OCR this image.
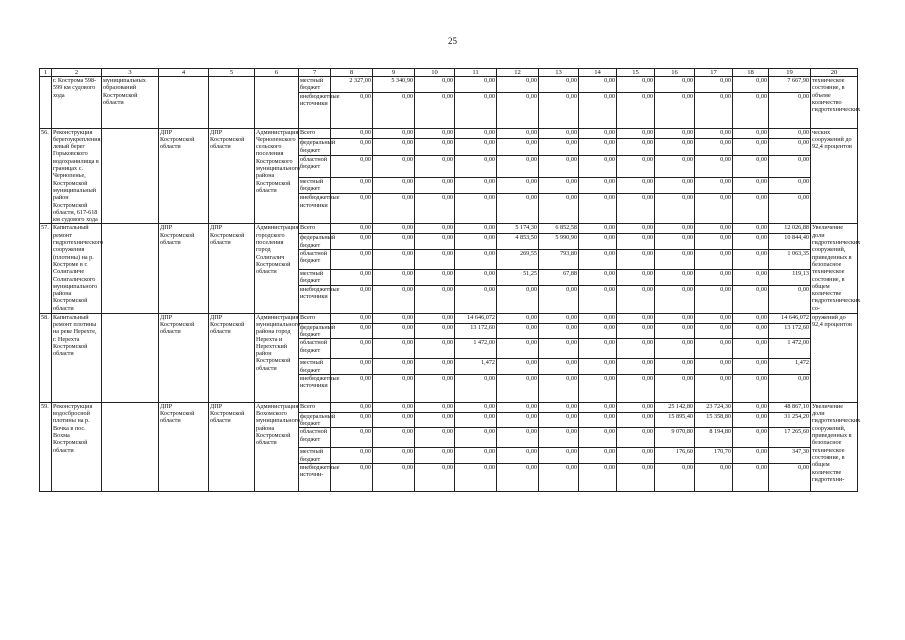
25
1	2	3	4	5	6	7	8	9	10	11	12	13	14	15	16	17	18	19	20
	г. Кострома 598-599 км судового хода	муниципальных образований Костромской области				местный бюджет	2 327,00	5 340,90	0,00	0,00	0,00	0,00	0,00	0,00	0,00	0,00	0,00	7 667,90	техническое состояние, в объеме количество гидротехнических
						внебюджетные источники	0,00	0,00	0,00	0,00	0,00	0,00	0,00	0,00	0,00	0,00	0,00	0,00	
56.	Реконструкция берегоукрепления, левый берег Горьковского водохранилища в границах с. Чернопенье, Костромской муниципальный район Костромской области, 617-618 км судового хода		ДПР Костромской области	ДПР Костромской области	Администрация Чернопенского сельского поселения Костромского муниципального района Костромской области	Всего	0,00	0,00	0,00	0,00	0,00	0,00	0,00	0,00	0,00	0,00	0,00	0,00	ческих сооружений до 92,4 процентов
						федеральный бюджет	0,00	0,00	0,00	0,00	0,00	0,00	0,00	0,00	0,00	0,00	0,00	0,00	
						областной бюджет	0,00	0,00	0,00	0,00	0,00	0,00	0,00	0,00	0,00	0,00	0,00	0,00	
						местный бюджет	0,00	0,00	0,00	0,00	0,00	0,00	0,00	0,00	0,00	0,00	0,00	0,00	
						внебюджетные источники	0,00	0,00	0,00	0,00	0,00	0,00	0,00	0,00	0,00	0,00	0,00	0,00	
57.	Капитальный ремонт гидротехнического сооружения (плотины) на р. Костроме в г. Солигаличе Солигаличского муниципального района Костромской области		ДПР Костромской области	ДПР Костромской области	Администрация городского поселения город Солигалич Костромской области	Всего	0,00	0,00	0,00	0,00	5 174,30	6 852,58	0,00	0,00	0,00	0,00	0,00	12 026,88	Увеличение доли гидротехнических сооружений, приведенных в безопасное техническое состояние, в общем количестве гидротехнических со-
						федеральный бюджет	0,00	0,00	0,00	0,00	4 853,50	5 990,90	0,00	0,00	0,00	0,00	0,00	10 844,40	
						областной бюджет	0,00	0,00	0,00	0,00	269,55	793,80	0,00	0,00	0,00	0,00	0,00	1 063,35	
						местный бюджет	0,00	0,00	0,00	0,00	51,25	67,88	0,00	0,00	0,00	0,00	0,00	119,13	
						внебюджетные источники	0,00	0,00	0,00	0,00	0,00	0,00	0,00	0,00	0,00	0,00	0,00	0,00	
58.	Капитальный ремонт плотины на реке Нерехте, г. Нерехта Костромской области		ДПР Костромской области	ДПР Костромской области	Администрация муниципального района город Нерехта и Нерехтский район Костромской области	Всего	0,00	0,00	0,00	14 646,072	0,00	0,00	0,00	0,00	0,00	0,00	0,00	14 646,072	оружений до 92,4 процентов
						федеральный бюджет	0,00	0,00	0,00	13 172,60	0,00	0,00	0,00	0,00	0,00	0,00	0,00	13 172,60	
						областной бюджет	0,00	0,00	0,00	1 472,00	0,00	0,00	0,00	0,00	0,00	0,00	0,00	1 472,00	
						местный бюджет	0,00	0,00	0,00	1,472	0,00	0,00	0,00	0,00	0,00	0,00	0,00	1,472	
						внебюджетные источники	0,00	0,00	0,00	0,00	0,00	0,00	0,00	0,00	0,00	0,00	0,00	0,00	
59.	Реконструкция водосбросной плотины на р. Вочка в пос. Вохма Костромской области		ДПР Костромской области	ДПР Костромской области	Администрация Вохомского муниципального района Костромской области	Всего	0,00	0,00	0,00	0,00	0,00	0,00	0,00	0,00	25 142,80	23 724,30	0,00	48 867,10	Увеличение доли гидротехнических сооружений, приведенных в безопасное техническое состояние, в общем количестве гидротехни-
						федеральный бюджет	0,00	0,00	0,00	0,00	0,00	0,00	0,00	0,00	15 895,40	15 358,80	0,00	31 254,20	
						областной бюджет	0,00	0,00	0,00	0,00	0,00	0,00	0,00	0,00	9 070,80	8 194,80	0,00	17 265,60	
						местный бюджет	0,00	0,00	0,00	0,00	0,00	0,00	0,00	0,00	176,60	170,70	0,00	347,30	
						внебюджетные источни-	0,00	0,00	0,00	0,00	0,00	0,00	0,00	0,00	0,00	0,00	0,00	0,00	
